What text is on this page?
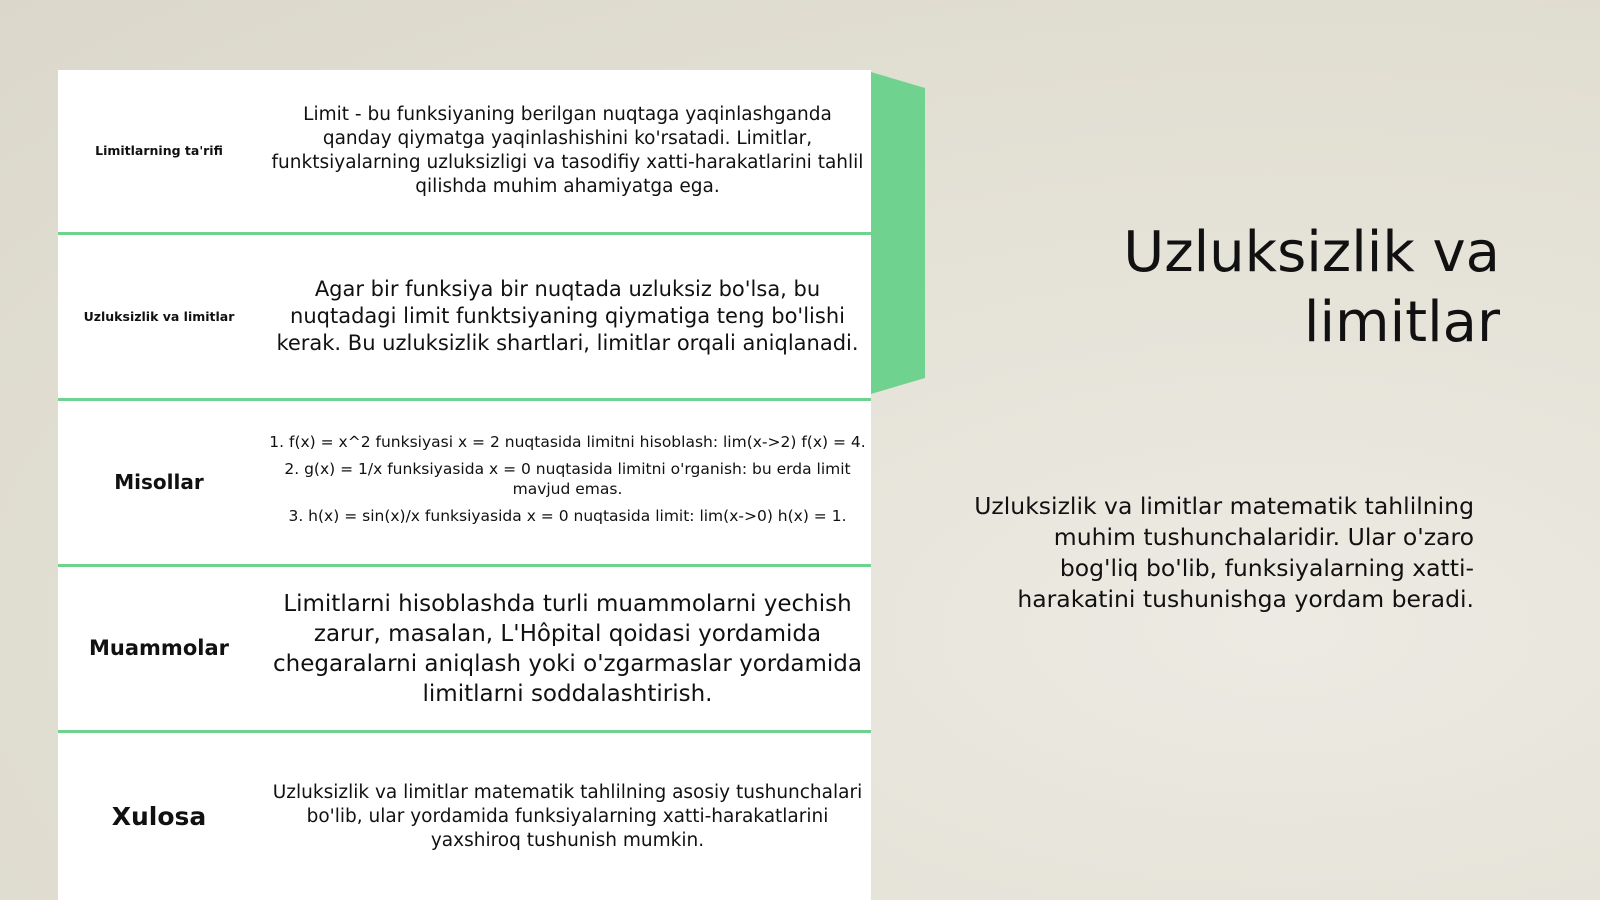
Limitlarning ta'rifi
Limit - bu funksiyaning berilgan nuqtaga yaqinlashganda qanday qiymatga yaqinlashishini ko'rsatadi. Limitlar, funktsiyalarning uzluksizligi va tasodifiy xatti-harakatlarini tahlil qilishda muhim ahamiyatga ega.
Uzluksizlik va limitlar
Agar bir funksiya bir nuqtada uzluksiz bo'lsa, bu nuqtadagi limit funktsiyaning qiymatiga teng bo'lishi kerak. Bu uzluksizlik shartlari, limitlar orqali aniqlanadi.
Misollar

1. f(x) = x^2 funksiyasi x = 2 nuqtasida limitni hisoblash: lim(x->2) f(x) = 4.

2. g(x) = 1/x funksiyasida x = 0 nuqtasida limitni o'rganish: bu erda limit mavjud emas.

3. h(x) = sin(x)/x funksiyasida x = 0 nuqtasida limit: lim(x->0) h(x) = 1.

Muammolar
Limitlarni hisoblashda turli muammolarni yechish zarur, masalan, L'Hôpital qoidasi yordamida chegaralarni aniqlash yoki o'zgarmaslar yordamida limitlarni soddalashtirish.
Xulosa
Uzluksizlik va limitlar matematik tahlilning asosiy tushunchalari bo'lib, ular yordamida funksiyalarning xatti-harakatlarini yaxshiroq tushunish mumkin.
Uzluksizlik va limitlar

Uzluksizlik va limitlar matematik tahlilning muhim tushunchalaridir. Ular o'zaro bog'liq bo'lib, funksiyalarning xatti-harakatini tushunishga yordam beradi.
